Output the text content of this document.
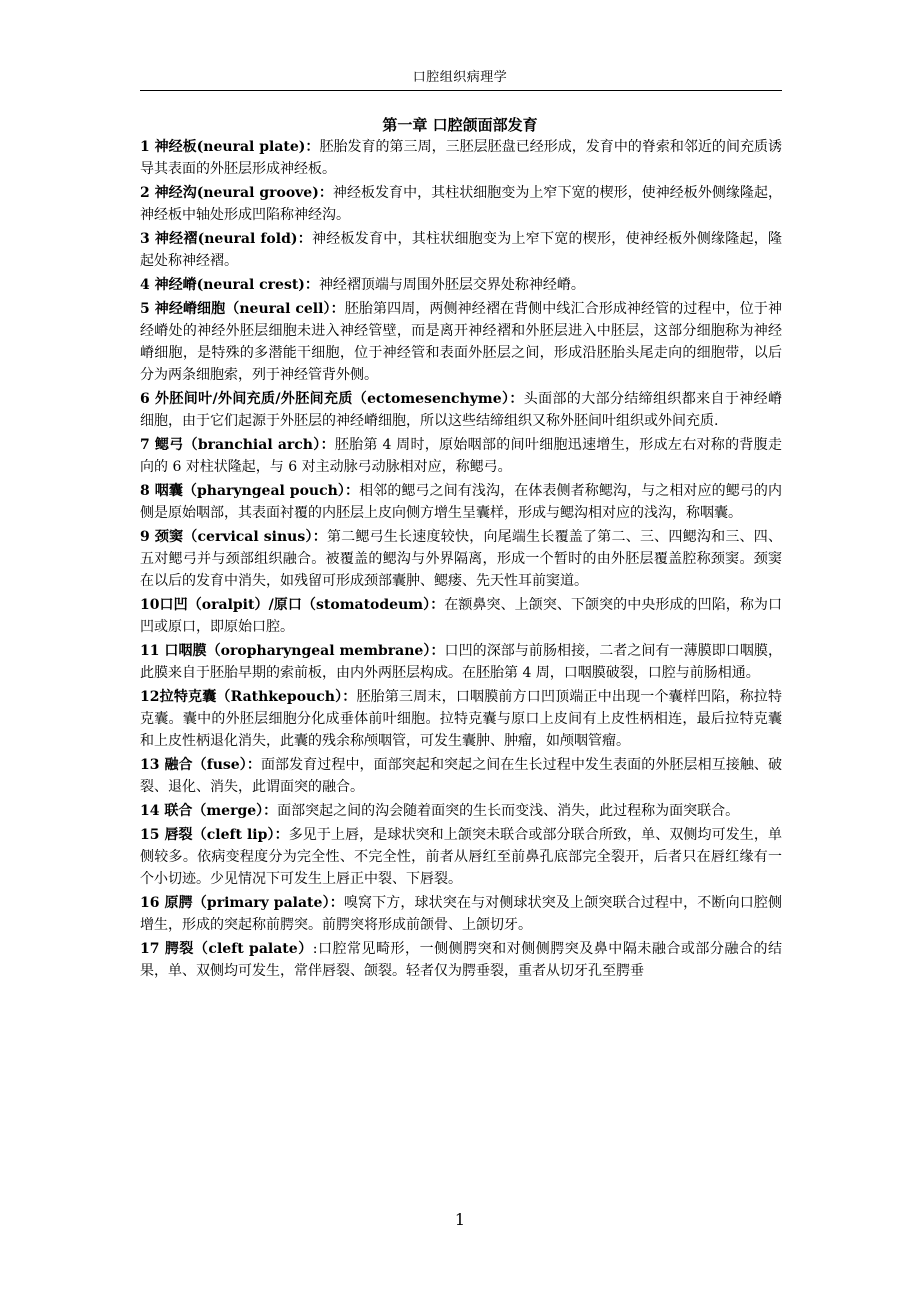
口腔组织病理学
第一章 口腔颌面部发育

1 神经板(neural plate)：胚胎发育的第三周，三胚层胚盘已经形成，发育中的脊索和邻近的间充质诱导其表面的外胚层形成神经板。

2 神经沟(neural groove)：神经板发育中，其柱状细胞变为上窄下宽的楔形，使神经板外侧缘隆起，神经板中轴处形成凹陷称神经沟。

3 神经褶(neural fold)：神经板发育中，其柱状细胞变为上窄下宽的楔形，使神经板外侧缘隆起，隆起处称神经褶。

4 神经嵴(neural crest)：神经褶顶端与周围外胚层交界处称神经嵴。

5 神经嵴细胞（neural cell）：胚胎第四周，两侧神经褶在背侧中线汇合形成神经管的过程中，位于神经嵴处的神经外胚层细胞未进入神经管壁，而是离开神经褶和外胚层进入中胚层，这部分细胞称为神经嵴细胞，是特殊的多潜能干细胞，位于神经管和表面外胚层之间，形成沿胚胎头尾走向的细胞带，以后分为两条细胞索，列于神经管背外侧。

6 外胚间叶/外间充质/外胚间充质（ectomesenchyme）：头面部的大部分结缔组织都来自于神经嵴细胞，由于它们起源于外胚层的神经嵴细胞，所以这些结缔组织又称外胚间叶组织或外间充质.

7 鳃弓（branchial arch）：胚胎第 4 周时，原始咽部的间叶细胞迅速增生，形成左右对称的背腹走向的 6 对柱状隆起，与 6 对主动脉弓动脉相对应，称鳃弓。

8 咽囊（pharyngeal pouch）：相邻的鳃弓之间有浅沟，在体表侧者称鳃沟，与之相对应的鳃弓的内侧是原始咽部，其表面衬覆的内胚层上皮向侧方增生呈囊样，形成与鳃沟相对应的浅沟，称咽囊。

9 颈窦（cervical sinus）：第二鳃弓生长速度较快，向尾端生长覆盖了第二、三、四鳃沟和三、四、五对鳃弓并与颈部组织融合。被覆盖的鳃沟与外界隔离，形成一个暂时的由外胚层覆盖腔称颈窦。颈窦在以后的发育中消失，如残留可形成颈部囊肿、鳃瘘、先天性耳前窦道。

10口凹（oralpit）/原口（stomatodeum）：在额鼻突、上颌突、下颌突的中央形成的凹陷，称为口凹或原口，即原始口腔。

11 口咽膜（oropharyngeal membrane）：口凹的深部与前肠相接，二者之间有一薄膜即口咽膜，此膜来自于胚胎早期的索前板，由内外两胚层构成。在胚胎第 4 周，口咽膜破裂，口腔与前肠相通。

12拉特克囊（Rathkepouch）：胚胎第三周末，口咽膜前方口凹顶端正中出现一个囊样凹陷，称拉特克囊。囊中的外胚层细胞分化成垂体前叶细胞。拉特克囊与原口上皮间有上皮性柄相连，最后拉特克囊和上皮性柄退化消失，此囊的残余称颅咽管，可发生囊肿、肿瘤，如颅咽管瘤。

13 融合（fuse）：面部发育过程中，面部突起和突起之间在生长过程中发生表面的外胚层相互接触、破裂、退化、消失，此谓面突的融合。

14 联合（merge）：面部突起之间的沟会随着面突的生长而变浅、消失，此过程称为面突联合。

15 唇裂（cleft lip）：多见于上唇，是球状突和上颌突未联合或部分联合所致，单、双侧均可发生，单侧较多。依病变程度分为完全性、不完全性，前者从唇红至前鼻孔底部完全裂开，后者只在唇红缘有一个小切迹。少见情况下可发生上唇正中裂、下唇裂。

16 原腭（primary palate）：嗅窝下方，球状突在与对侧球状突及上颌突联合过程中，不断向口腔侧增生，形成的突起称前腭突。前腭突将形成前颌骨、上颌切牙。

17 腭裂（cleft palate）:口腔常见畸形，一侧侧腭突和对侧侧腭突及鼻中隔未融合或部分融合的结果，单、双侧均可发生，常伴唇裂、颌裂。轻者仅为腭垂裂，重者从切牙孔至腭垂

1
